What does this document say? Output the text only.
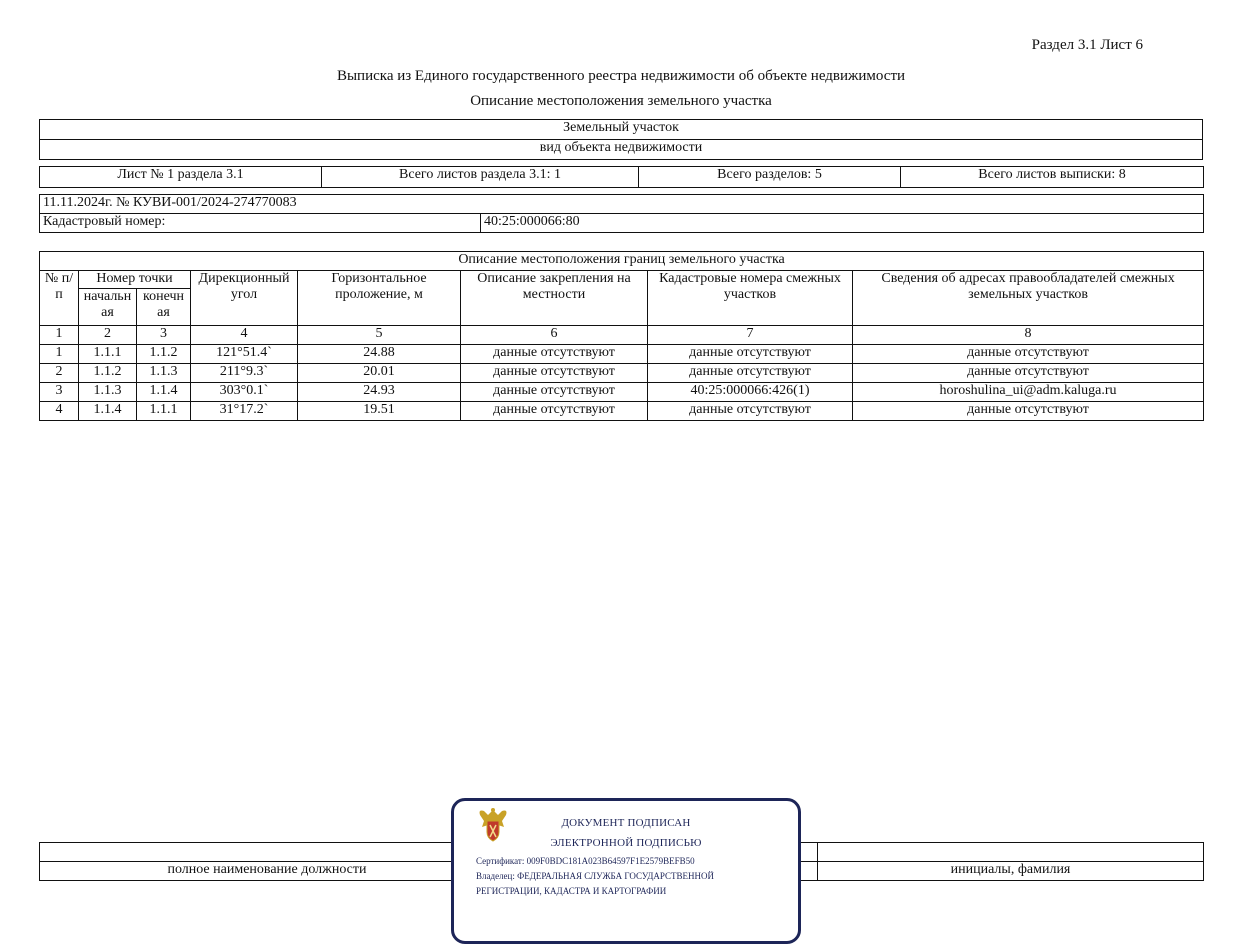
Раздел 3.1 Лист 6
Выписка из Единого государственного реестра недвижимости об объекте недвижимости
Описание местоположения земельного участка
Земельный участок
вид объекта недвижимости
Лист № 1 раздела 3.1	Всего листов раздела 3.1: 1	Всего разделов: 5	Всего листов выписки: 8
11.11.2024г. № КУВИ-001/2024-274770083
Кадастровый номер:	40:25:000066:80
Описание местоположения границ земельного участка							
№ п/п	Номер точки		Дирекционный угол	Горизонтальное проложение, м	Описание закрепления на местности	Кадастровые номера смежных участков	Сведения об адресах правообладателей смежных земельных участков
	начальн ая	конечн ая					
1	2	3	4	5	6	7	8
1	1.1.1	1.1.2	121°51.4`	24.88	данные отсутствуют	данные отсутствуют	данные отсутствуют
2	1.1.2	1.1.3	211°9.3`	20.01	данные отсутствуют	данные отсутствуют	данные отсутствуют
3	1.1.3	1.1.4	303°0.1`	24.93	данные отсутствуют	40:25:000066:426(1)	horoshulina_ui@adm.kaluga.ru
4	1.1.4	1.1.1	31°17.2`	19.51	данные отсутствуют	данные отсутствуют	данные отсутствуют

полное наименование должности		инициалы, фамилия
ДОКУМЕНТ ПОДПИСАН
ЭЛЕКТРОННОЙ ПОДПИСЬЮ
Сертификат: 009F0BDC181A023B64597F1E2579BEFB50
Владелец: ФЕДЕРАЛЬНАЯ СЛУЖБА ГОСУДАРСТВЕННОЙ
РЕГИСТРАЦИИ, КАДАСТРА И КАРТОГРАФИИ
